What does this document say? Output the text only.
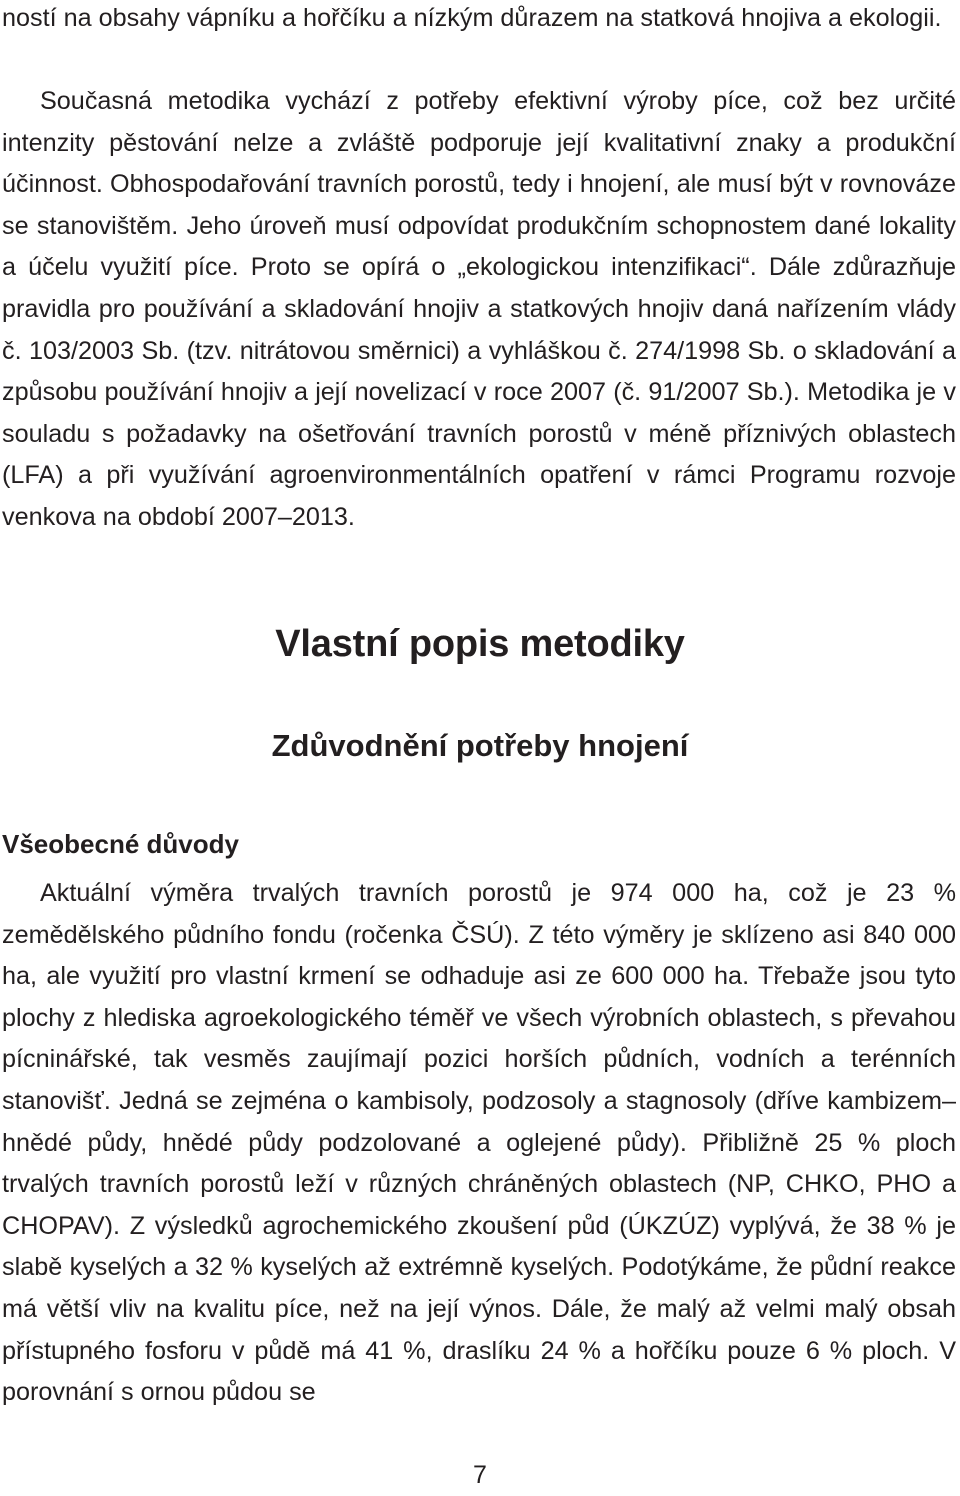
ností na obsahy vápníku a hořčíku a nízkým důrazem na statková hnojiva a ekologii.

Současná metodika vychází z potřeby efektivní výroby píce, což bez určité intenzity pěstování nelze a zvláště podporuje její kvalitativní znaky a produkční účinnost. Obhospodařování travních porostů, tedy i hnojení, ale musí být v rovnováze se stanovištěm. Jeho úroveň musí odpovídat produkčním schopnostem dané lokality a účelu využití píce. Proto se opírá o „ekologickou intenzifikaci“. Dále zdůrazňuje pravidla pro používání a skladování hnojiv a statkových hnojiv daná nařízením vlády č. 103/2003 Sb. (tzv. nitrátovou směrnici) a vyhláškou č. 274/1998 Sb. o skladování a způsobu používání hnojiv a její novelizací v roce 2007 (č. 91/2007 Sb.). Metodika je v souladu s požadavky na ošetřování travních porostů v méně příznivých oblastech (LFA) a při využívání agroenvironmentálních opatření v rámci Programu rozvoje venkova na období 2007–2013.

Vlastní popis metodiky
Zdůvodnění potřeby hnojení
Všeobecné důvody

Aktuální výměra trvalých travních porostů je 974 000 ha, což je 23 % zemědělského půdního fondu (ročenka ČSÚ). Z této výměry je sklízeno asi 840 000 ha, ale využití pro vlastní krmení se odhaduje asi ze 600 000 ha. Třebaže jsou tyto plochy z hlediska agroekologického téměř ve všech výrobních oblastech, s převahou pícninářské, tak vesměs zaujímají pozici horších půdních, vodních a terénních stanovišť. Jedná se zejména o kambisoly, podzosoly a stagnosoly (dříve kambizem–hnědé půdy, hnědé půdy podzolované a oglejené půdy). Přibližně 25 % ploch trvalých travních porostů leží v různých chráněných oblastech (NP, CHKO, PHO a CHOPAV). Z výsledků agrochemického zkoušení půd (ÚKZÚZ) vyplývá, že 38 % je slabě kyselých a 32 % kyselých až extrémně kyselých. Podotýkáme, že půdní reakce má větší vliv na kvalitu píce, než na její výnos. Dále, že malý až velmi malý obsah přístupného fosforu v půdě má 41 %, draslíku 24 % a hořčíku pouze 6 % ploch. V porovnání s ornou půdou se

7
